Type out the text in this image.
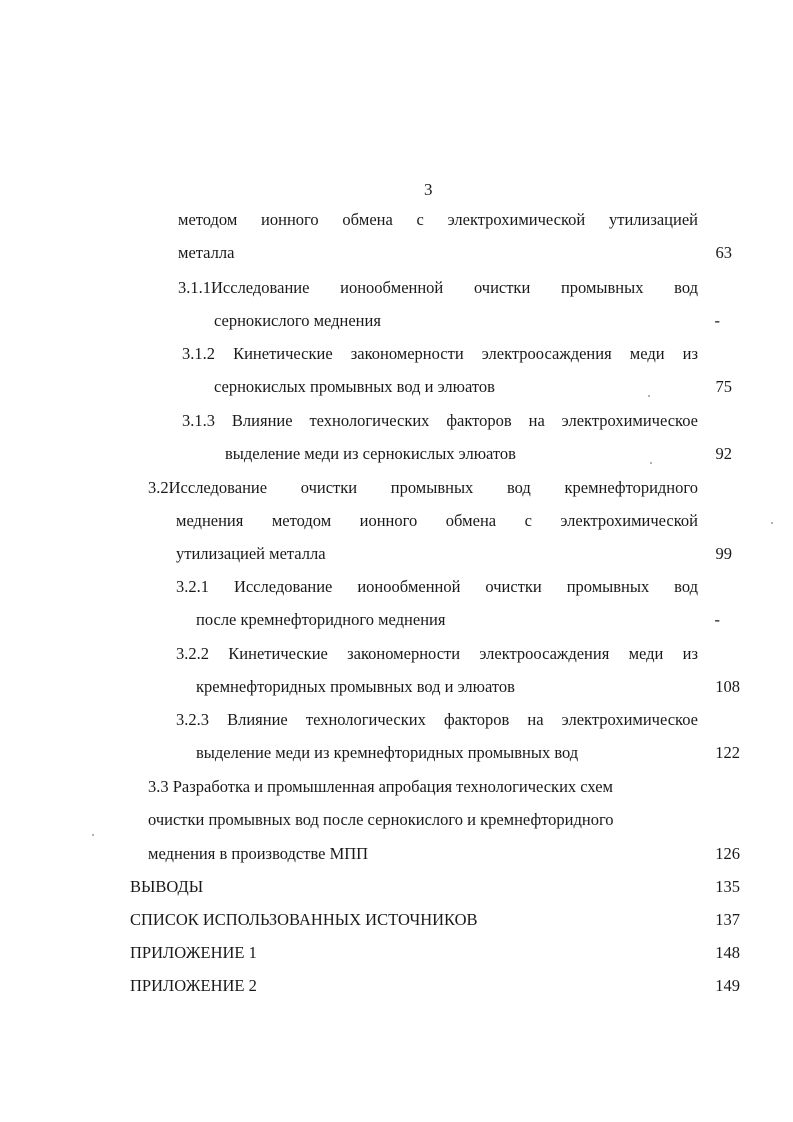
3
методом ионного обмена с электрохимической утилизацией
металла	63
3.1.1Исследование ионообменной очистки промывных вод
сернокислого меднения	-
3.1.2 Кинетические закономерности электроосаждения меди из
сернокислых промывных вод и элюатов	75
3.1.3 Влияние технологических факторов на электрохимическое
выделение меди из сернокислых элюатов	92
3.2Исследование очистки промывных вод кремнефторидного
меднения методом ионного обмена с электрохимической
утилизацией металла	99
3.2.1 Исследование ионообменной очистки промывных вод
после кремнефторидного меднения	-
3.2.2 Кинетические закономерности электроосаждения меди из
кремнефторидных промывных вод и элюатов	108
3.2.3 Влияние технологических факторов на электрохимическое
выделение меди из кремнефторидных промывных вод	122
3.3 Разработка и промышленная апробация технологических схем
очистки промывных вод после сернокислого и кремнефторидного
меднения в производстве МПП	126
ВЫВОДЫ	135
СПИСОК ИСПОЛЬЗОВАННЫХ ИСТОЧНИКОВ	137
ПРИЛОЖЕНИЕ 1	148
ПРИЛОЖЕНИЕ 2	149
